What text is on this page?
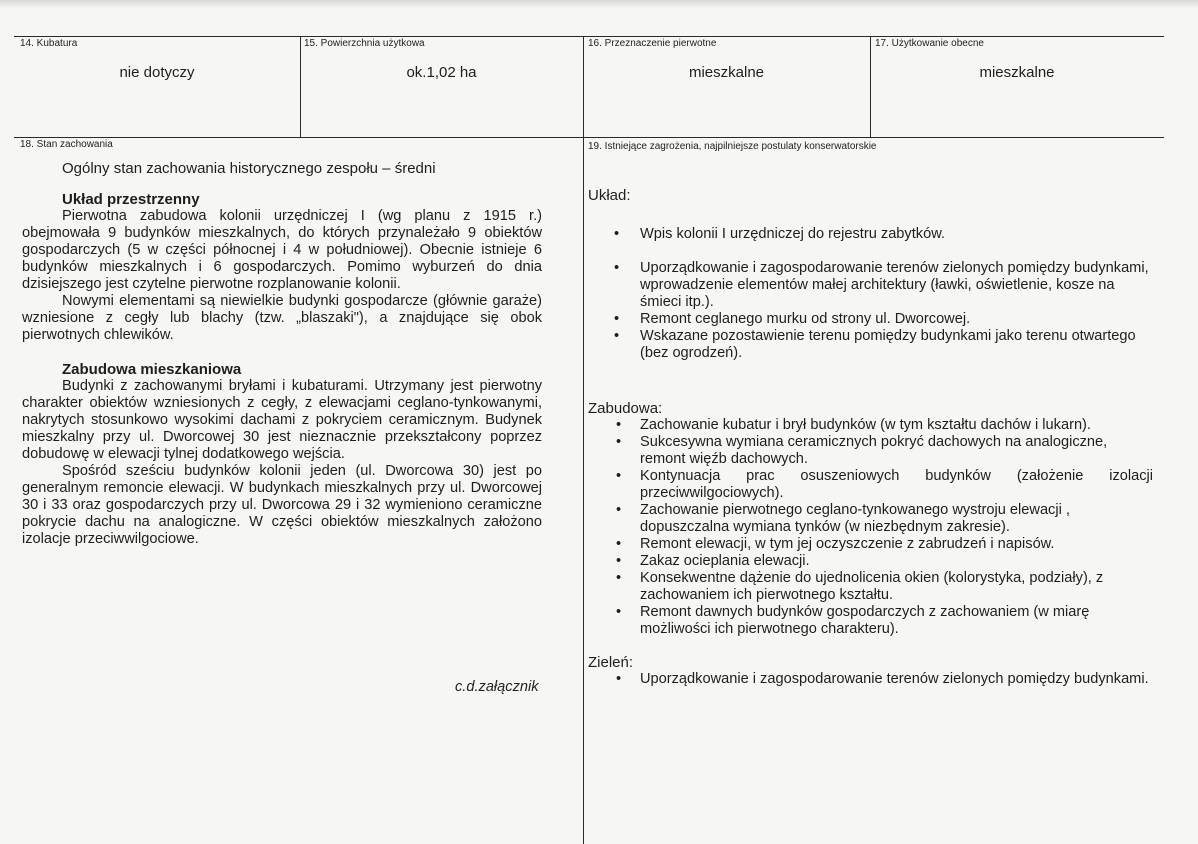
14. Kubatura
nie dotyczy
15. Powierzchnia użytkowa
ok.1,02 ha
16. Przeznaczenie pierwotne
mieszkalne
17. Użytkowanie obecne
mieszkalne
18. Stan zachowania	19. Istniejące zagrożenia, najpilniejsze postulaty konserwatorskie

Ogólny stan zachowania historycznego zespołu – średni

Układ przestrzenny

Pierwotna zabudowa kolonii urzędniczej I (wg planu z 1915 r.) obejmowała 9 budynków mieszkalnych, do których przynależało 9 obiektów gospodarczych (5 w części północnej i 4 w południowej). Obecnie istnieje 6 budynków mieszkalnych i 6 gospodarczych. Pomimo wyburzeń do dnia dzisiejszego jest czytelne pierwotne rozplanowanie kolonii.

Nowymi elementami są niewielkie budynki gospodarcze (głównie garaże) wzniesione z cegły lub blachy (tzw. „blaszaki"), a znajdujące się obok pierwotnych chlewików.

Zabudowa mieszkaniowa

Budynki z zachowanymi bryłami i kubaturami. Utrzymany jest pierwotny charakter obiektów wzniesionych z cegły, z elewacjami ceglano-tynkowanymi, nakrytych stosunkowo wysokimi dachami z pokryciem ceramicznym. Budynek mieszkalny przy ul. Dworcowej 30 jest nieznacznie przekształcony poprzez dobudowę w elewacji tylnej dodatkowego wejścia.

Spośród sześciu budynków kolonii jeden (ul. Dworcowa 30) jest po generalnym remoncie elewacji. W budynkach mieszkalnych przy ul. Dworcowej 30 i 33 oraz gospodarczych przy ul. Dworcowa 29 i 32 wymieniono ceramiczne pokrycie dachu na analogiczne. W części obiektów mieszkalnych założono izolacje przeciwwilgociowe.

c.d.załącznik

Układ:

• Wpis kolonii I urzędniczej do rejestru zabytków.
• Uporządkowanie i zagospodarowanie terenów zielonych pomiędzy budynkami, wprowadzenie elementów małej architektury (ławki, oświetlenie, kosze na śmieci itp.).
• Remont ceglanego murku od strony ul. Dworcowej.
• Wskazane pozostawienie terenu pomiędzy budynkami jako terenu otwartego (bez ogrodzeń).

Zabudowa:

• Zachowanie kubatur i brył budynków (w tym kształtu dachów i lukarn).
• Sukcesywna wymiana ceramicznych pokryć dachowych na analogiczne, remont więźb dachowych.
• Kontynuacja prac osuszeniowych budynków (założenie izolacji przeciwwilgociowych).
• Zachowanie pierwotnego ceglano-tynkowanego wystroju elewacji , dopuszczalna wymiana tynków (w niezbędnym zakresie).
• Remont elewacji, w tym jej oczyszczenie z zabrudzeń i napisów.
• Zakaz ocieplania elewacji.
• Konsekwentne dążenie do ujednolicenia okien (kolorystyka, podziały), z zachowaniem ich pierwotnego kształtu.
• Remont dawnych budynków gospodarczych z zachowaniem (w miarę możliwości ich pierwotnego charakteru).

Zieleń:

• Uporządkowanie i zagospodarowanie terenów zielonych pomiędzy budynkami.
